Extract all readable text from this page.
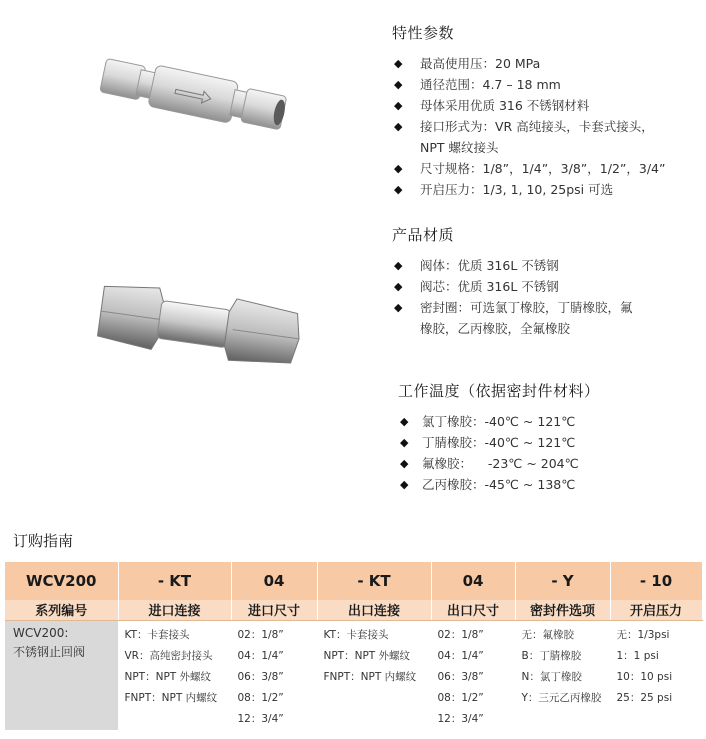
特性参数
◆ 最高使用压：20 MPa
◆ 通径范围：4.7 – 18 mm
◆ 母体采用优质 316 不锈钢材料
◆ 接口形式为：VR 高纯接头，卡套式接头，
NPT 螺纹接头
◆ 尺寸规格：1/8”，1/4”，3/8”，1/2”，3/4”
◆ 开启压力：1/3, 1, 10, 25psi 可选
产品材质
◆ 阀体：优质 316L 不锈钢
◆ 阀芯：优质 316L 不锈钢
◆ 密封圈：可选氯丁橡胶，丁腈橡胶，氟
橡胶，乙丙橡胶，全氟橡胶
工作温度（依据密封件材料）
◆ 氯丁橡胶：-40℃ ~ 121℃
◆ 丁腈橡胶：-40℃ ~ 121℃
◆ 氟橡胶：    -23℃ ~ 204℃
◆ 乙丙橡胶：-45℃ ~ 138℃
订购指南
WCV200	- KT	04	- KT	04	- Y	- 10
系列编号	进口连接	进口尺寸	出口连接	出口尺寸	密封件选项	开启压力

WCV200:
不锈钢止回阀	KT：卡套接头
VR：高纯密封接头
NPT：NPT 外螺纹
FNPT：NPT 内螺纹	02：1/8”
04：1/4”
06：3/8”
08：1/2”
12：3/4”	KT：卡套接头
NPT：NPT 外螺纹
FNPT：NPT 内螺纹	02：1/8”
04：1/4”
06：3/8”
08：1/2”
12：3/4”	无：氟橡胶
B：丁腈橡胶
N：氯丁橡胶
Y：三元乙丙橡胶	无：1/3psi
1：1 psi
10：10 psi
25：25 psi
